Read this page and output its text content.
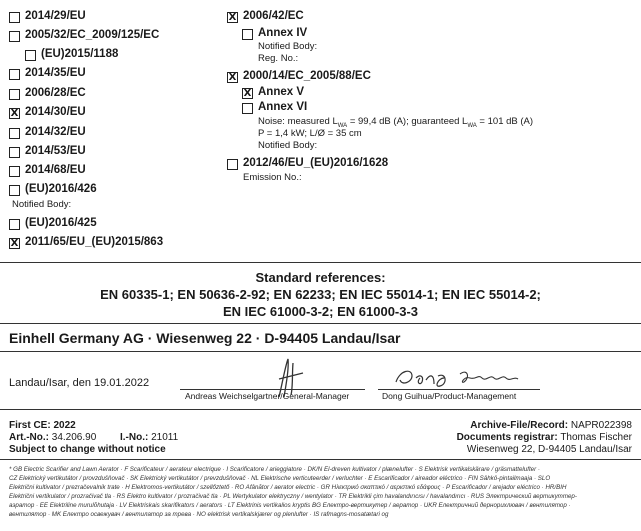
2014/29/EU
2005/32/EC_2009/125/EC
(EU)2015/1188
2014/35/EU
2006/28/EC
X 2014/30/EU
2014/32/EU
2014/53/EU
2014/68/EU
(EU)2016/426
Notified Body:
(EU)2016/425
X 2011/65/EU_(EU)2015/863
X 2006/42/EC
Annex IV
Notified Body:
Reg. No.:
X 2000/14/EC_2005/88/EC
X Annex V
Annex VI
Noise: measured $L_{WA} = 99,4$ dB (A); guaranteed $L_{WA} = 101$ dB (A)
P = 1,4 kW; L/Ø = 35 cm
Notified Body:
2012/46/EU_(EU)2016/1628
Emission No.:
Standard references:
EN 60335-1; EN 50636-2-92; EN 62233; EN IEC 55014-1; EN IEC 55014-2;
EN IEC 61000-3-2; EN 61000-3-3
Einhell Germany AG · Wiesenweg 22 · D-94405 Landau/Isar
Landau/Isar, den 19.01.2022
Andreas Weichselgartner/General-Manager	Dong Guihua/Product-Management
First CE: 2022
Art.-No.: 34.206.90 I.-No.: 21011
Subject to change without notice
Archive-File/Record: NAPR022398
Documents registrar: Thomas Fischer
Wiesenweg 22, D-94405 Landau/Isar
* GB Electric Scarifier and Lawn Aerator · F Scarificateur / aerateur electrique · I Scarificatore / arieggiatore · DK/N El-dreven kultivator / plænelufter · S Elektrisk vertikalskärare / gräsmattelufter ·
CZ Elektrický vertikutátor / provzdušňovač · SK Elektrický vertikutátor / prevzdušňovač · NL Elektrische verticuteerder / verluchter · E Escarificador / aireador eléctrico · FIN Sähkö-pintailmaaja · SLO
Električni kultivator / prezračevalnik trate · H Elektromos-vertikutátor / szellőztető · RO Afânător / aerator electric · GR Ηλεκτρικό σκαπτικό / αεριστικό εδάφους · P Escarificador / arejador eléctrico · HR/BIH
Električni vertikulator / prozračivač tla · RS Elektro kultivator / prozračivač tla · PL Wertykulator elektryczny / wentylator · TR Elektrikli çim havalandırıcısı / havalandırıcı · RUS Электрический вертикуттер-
аэратор · EE Elektriline murulõhutaja · LV Elektriskais skarifikators / aerators · LT Elektrinis vertikalios kryptis BG Електро-вертикутер / аератор · UKR Електричний дернорихлювач / вентилятор ·
вентилятор · MK Електро освежувач / вентилатор за трева · NO elektrisk vertikalskjærer og plenlufter · IS rafmagns-mosatætari og
